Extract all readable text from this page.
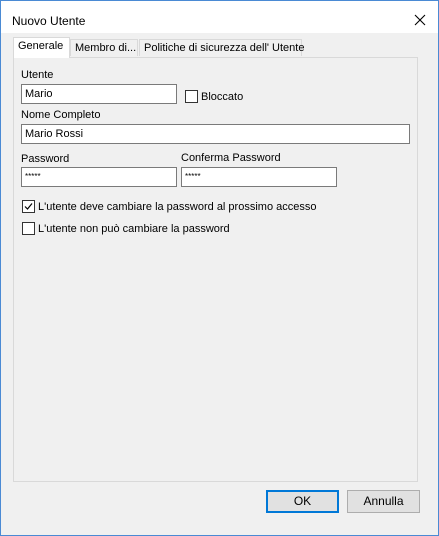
Nuovo Utente
Generale	Membro di... Politiche di sicurezza dell' Utente
Utente
Mario	Bloccato
Nome Completo
Mario Rossi
Password
*****
Conferma Password
*****
L'utente deve cambiare la password al prossimo accesso
L'utente non può cambiare la password
OK	Annulla
